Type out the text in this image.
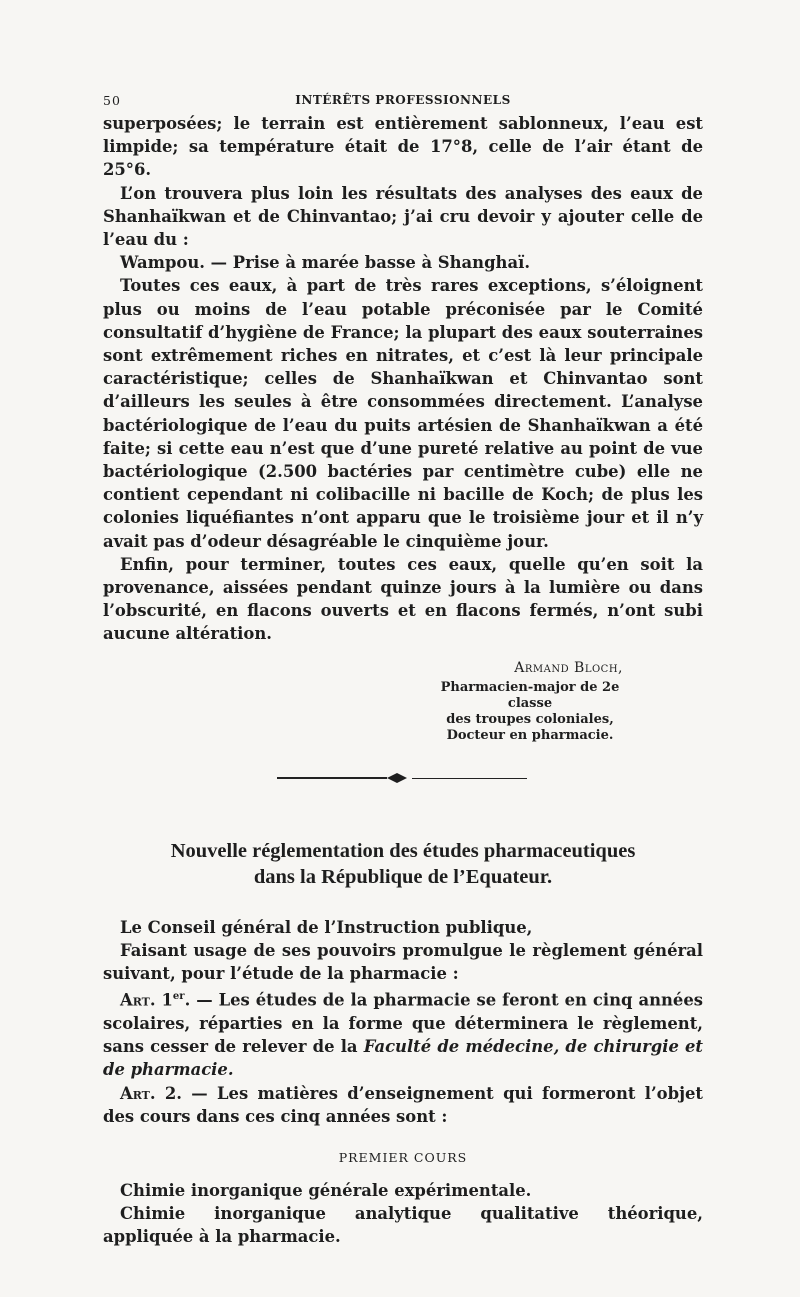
50	INTÉRÊTS PROFESSIONNELS

superposées; le terrain est entièrement sablonneux, l’eau est limpide; sa température était de 17°8, celle de l’air étant de 25°6.

L’on trouvera plus loin les résultats des analyses des eaux de Shanhaïkwan et de Chinvantao; j’ai cru devoir y ajouter celle de l’eau du :

Wampou. — Prise à marée basse à Shanghaï.

Toutes ces eaux, à part de très rares exceptions, s’éloignent plus ou moins de l’eau potable préconisée par le Comité consultatif d’hygiène de France; la plupart des eaux souterraines sont extrêmement riches en nitrates, et c’est là leur principale caractéristique; celles de Shanhaïkwan et Chinvantao sont d’ailleurs les seules à être consommées directement. L’analyse bactériologique de l’eau du puits artésien de Shanhaïkwan a été faite; si cette eau n’est que d’une pureté relative au point de vue bactériologique (2.500 bactéries par centimètre cube) elle ne contient cependant ni colibacille ni bacille de Koch; de plus les colonies liquéfiantes n’ont apparu que le troisième jour et il n’y avait pas d’odeur désagréable le cinquième jour.

Enfin, pour terminer, toutes ces eaux, quelle qu’en soit la provenance, aissées pendant quinze jours à la lumière ou dans l’obscurité, en flacons ouverts et en flacons fermés, n’ont subi aucune altération.

Armand Bloch,
Pharmacien-major de 2e classe
des troupes coloniales,
Docteur en pharmacie.
Nouvelle réglementation des études pharmaceutiques
dans la République de l’Equateur.

Le Conseil général de l’Instruction publique,

Faisant usage de ses pouvoirs promulgue le règlement général suivant, pour l’étude de la pharmacie :

Art. 1er. — Les études de la pharmacie se feront en cinq années scolaires, réparties en la forme que déterminera le règlement, sans cesser de relever de la Faculté de médecine, de chirurgie et de pharmacie.

Art. 2. — Les matières d’enseignement qui formeront l’objet des cours dans ces cinq années sont :

PREMIER COURS

Chimie inorganique générale expérimentale.

Chimie inorganique analytique qualitative théorique, appliquée à la pharmacie.
